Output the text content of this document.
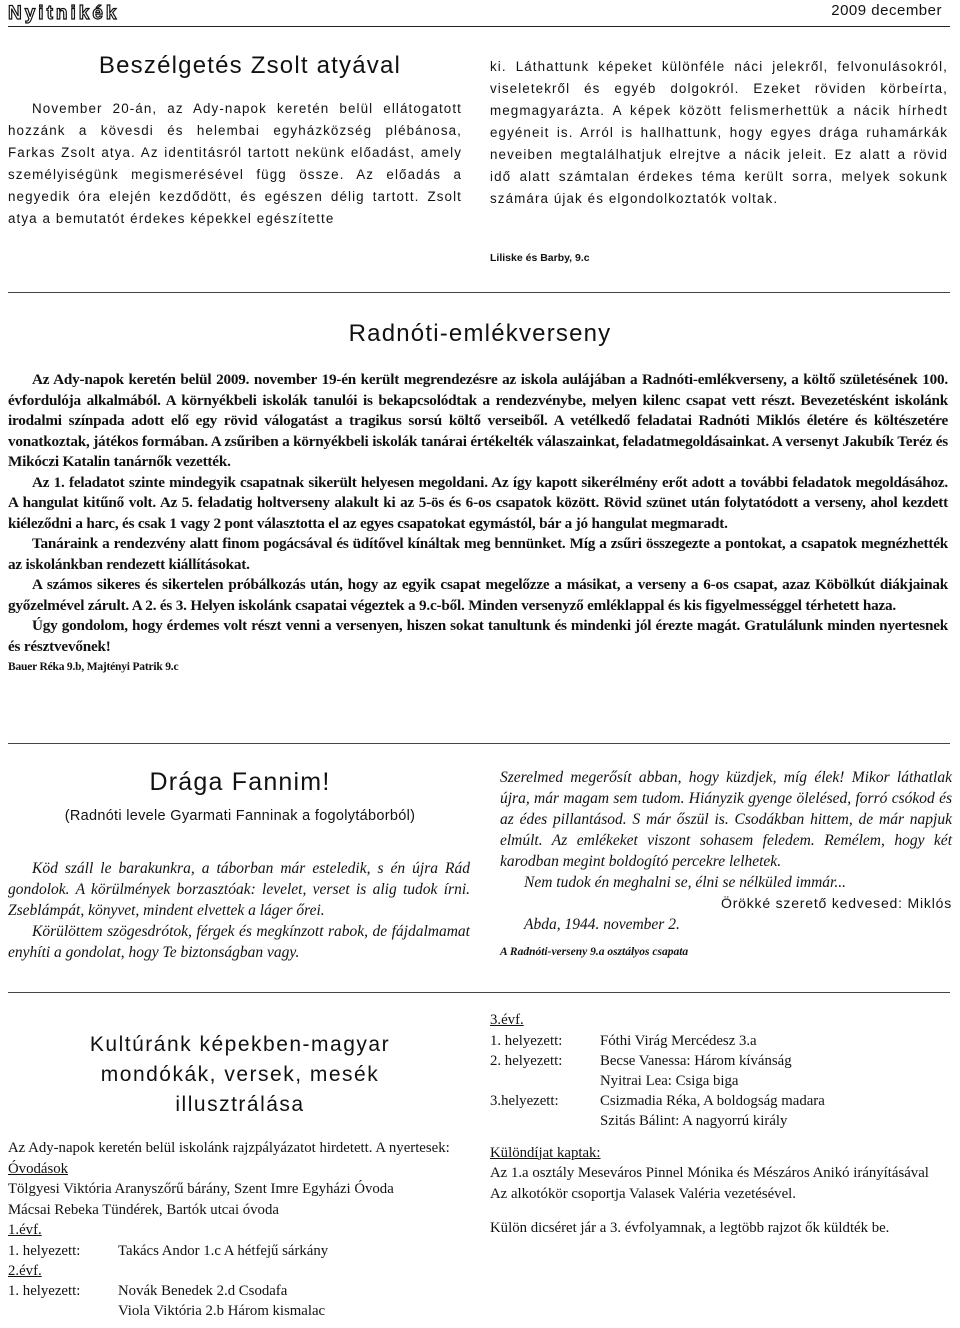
Nyitnikék	2009 december
Beszélgetés Zsolt atyával

November 20-án, az Ady-napok keretén belül ellátogatott hozzánk a kövesdi és helembai egyházközség plébánosa, Farkas Zsolt atya. Az identitásról tartott nekünk előadást, amely személyiségünk megismerésével függ össze. Az előadás a negyedik óra elején kezdődött, és egészen délig tartott. Zsolt atya a bemutatót érdekes képekkel egészítette

ki. Láthattunk képeket különféle náci jelekről, felvonulásokról, viseletekről és egyéb dolgokról. Ezeket röviden körbeírta, megmagyarázta. A képek között felismerhettük a nácik hírhedt egyéneit is. Arról is hallhattunk, hogy egyes drága ruhamárkák neveiben megtalálhatjuk elrejtve a nácik jeleit. Ez alatt a rövid idő alatt számtalan érdekes téma került sorra, melyek sokunk számára újak és elgondolkoztatók voltak.

Liliske és Barby, 9.c
Radnóti-emlékverseny

Az Ady-napok keretén belül 2009. november 19-én került megrendezésre az iskola aulájában a Radnóti-emlékverseny, a költő születésének 100. évfordulója alkalmából. A környékbeli iskolák tanulói is bekapcsolódtak a rendezvénybe, melyen kilenc csapat vett részt. Bevezetésként iskolánk irodalmi színpada adott elő egy rövid válogatást a tragikus sorsú költő verseiből. A vetélkedő feladatai Radnóti Miklós életére és költészetére vonatkoztak, játékos formában. A zsűriben a környékbeli iskolák tanárai értékelték válaszainkat, feladatmegoldásainkat. A versenyt Jakubík Teréz és Mikóczi Katalin tanárnők vezették.

Az 1. feladatot szinte mindegyik csapatnak sikerült helyesen megoldani. Az így kapott sikerélmény erőt adott a további feladatok megoldásához. A hangulat kitűnő volt. Az 5. feladatig holtverseny alakult ki az 5-ös és 6-os csapatok között. Rövid szünet után folytatódott a verseny, ahol kezdett kiéleződni a harc, és csak 1 vagy 2 pont választotta el az egyes csapatokat egymástól, bár a jó hangulat megmaradt.

Tanáraink a rendezvény alatt finom pogácsával és üdítővel kínáltak meg bennünket. Míg a zsűri összegezte a pontokat, a csapatok megnézhették az iskolánkban rendezett kiállításokat.

A számos sikeres és sikertelen próbálkozás után, hogy az egyik csapat megelőzze a másikat, a verseny a 6-os csapat, azaz Köbölkút diákjainak győzelmével zárult. A 2. és 3. Helyen iskolánk csapatai végeztek a 9.c-ből. Minden versenyző emléklappal és kis figyelmességgel térhetett haza.

Úgy gondolom, hogy érdemes volt részt venni a versenyen, hiszen sokat tanultunk és mindenki jól érezte magát. Gratulálunk minden nyertesnek és résztvevőnek!

Bauer Réka 9.b, Majtényi Patrik 9.c

Drága Fannim!
(Radnóti levele Gyarmati Fanninak a fogolytáborból)

Köd száll le barakunkra, a táborban már esteledik, s én újra Rád gondolok. A körülmények borzasztóak: levelet, verset is alig tudok írni. Zseblámpát, könyvet, mindent elvettek a láger őrei.

Körülöttem szögesdrótok, férgek és megkínzott rabok, de fájdalmamat enyhíti a gondolat, hogy Te biztonságban vagy.

Szerelmed megerősít abban, hogy küzdjek, míg élek! Mikor láthatlak újra, már magam sem tudom. Hiányzik gyenge ölelésed, forró csókod és az édes pillantásod. S már őszül is. Csodákban hittem, de már napjuk elmúlt. Az emlékeket viszont sohasem feledem. Remélem, hogy két karodban megint boldogító percekre lelhetek.

Nem tudok én meghalni se, élni se nélküled immár...

Örökké szerető kedvesed: Miklós

Abda, 1944. november 2.

A Radnóti-verseny 9.a osztályos csapata
Kultúránk képekben-magyar mondókák, versek, mesék illusztrálása

Az Ady-napok keretén belül iskolánk rajzpályázatot hirdetett. A nyertesek:

Óvodások

Tölgyesi Viktória Aranyszőrű bárány, Szent Imre Egyházi Óvoda

Mácsai Rebeka Tündérek, Bartók utcai óvoda

1.évf.

1. helyezett:	Takács Andor 1.c A hétfejű sárkány

2.évf.

1. helyezett:	Novák Benedek 2.d Csodafa
Viola Viktória 2.b Három kismalac

3.évf.

1. helyezett:	Fóthi Virág Mercédesz 3.a
2. helyezett:	Becse Vanessa: Három kívánság
Nyitrai Lea: Csiga biga
3.helyezett:	Csizmadia Réka, A boldogság madara
Szitás Bálint: A nagyorrú király

Különdíjat kaptak:

Az 1.a osztály Meseváros Pinnel Mónika és Mészáros Anikó irányításával

Az alkotókör csoportja Valasek Valéria vezetésével.

Külön dicséret jár a 3. évfolyamnak, a legtöbb rajzot ők küldték be.
